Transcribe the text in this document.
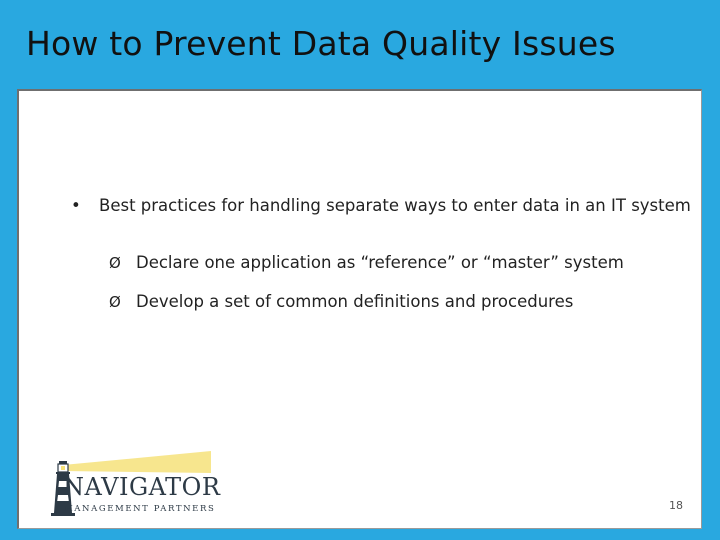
How to Prevent Data Quality Issues
• Best practices for handling separate ways to enter data in an IT system
Ø Declare one application as “reference” or “master” system
Ø Develop a set of common definitions and procedures
NAVIGATOR
MANAGEMENT PARTNERS	18
